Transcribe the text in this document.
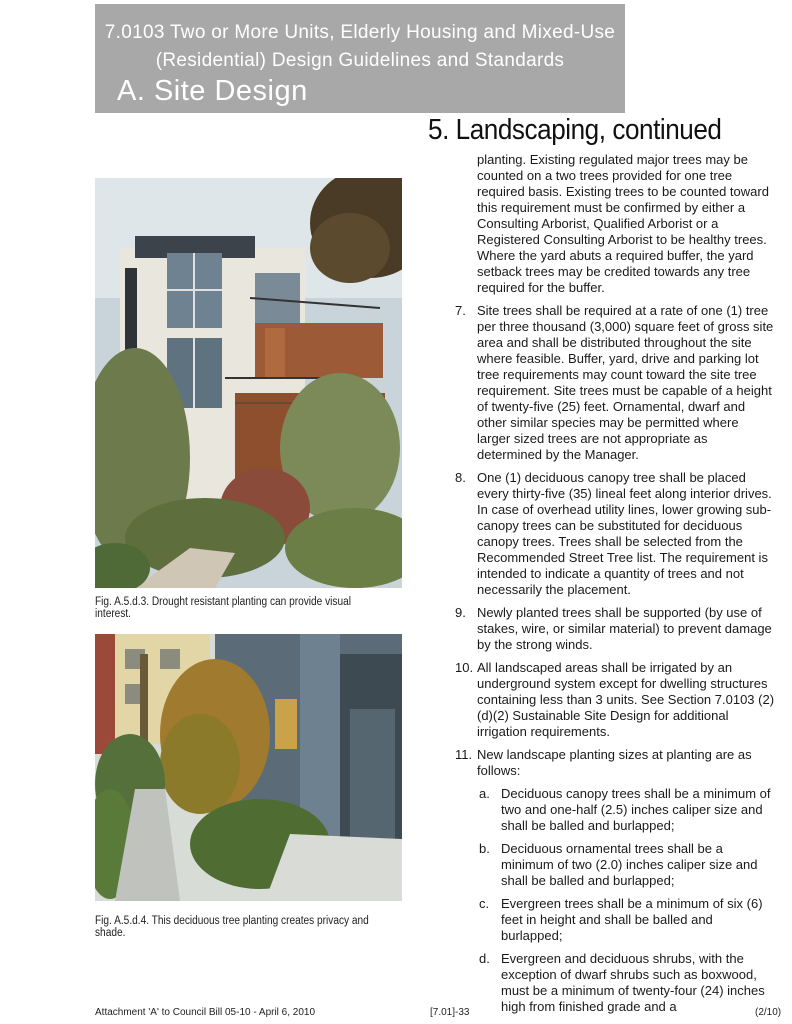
7.0103 Two or More Units, Elderly Housing and Mixed-Use
(Residential) Design Guidelines and Standards
A. Site Design
5. Landscaping, continued
Fig. A.5.d.3. Drought resistant planting can provide visual interest.
Fig. A.5.d.4. This deciduous tree planting creates privacy and shade.

planting. Existing regulated major trees may be counted on a two trees provided for one tree required basis. Existing trees to be counted toward this requirement must be confirmed by either a Consulting Arborist, Qualified Arborist or a Registered Consulting Arborist to be healthy trees. Where the yard abuts a required buffer, the yard setback trees may be credited towards any tree required for the buffer.

7. Site trees shall be required at a rate of one (1) tree per three thousand (3,000) square feet of gross site area and shall be distributed throughout the site where feasible. Buffer, yard, drive and parking lot tree requirements may count toward the site tree requirement. Site trees must be capable of a height of twenty-five (25) feet. Ornamental, dwarf and other similar species may be permitted where larger sized trees are not appropriate as determined by the Manager.
8. One (1) deciduous canopy tree shall be placed every thirty-five (35) lineal feet along interior drives. In case of overhead utility lines, lower growing sub-canopy trees can be substituted for deciduous canopy trees. Trees shall be selected from the Recommended Street Tree list. The requirement is intended to indicate a quantity of trees and not necessarily the placement.
9. Newly planted trees shall be supported (by use of stakes, wire, or similar material) to prevent damage by the strong winds.
10. All landscaped areas shall be irrigated by an underground system except for dwelling structures containing less than 3 units. See Section 7.0103 (2)(d)(2) Sustainable Site Design for additional irrigation requirements.
11. New landscape planting sizes at planting are as follows:
a. Deciduous canopy trees shall be a minimum of two and one-half (2.5) inches caliper size and shall be balled and burlapped;
b. Deciduous ornamental trees shall be a minimum of two (2.0) inches caliper size and shall be balled and burlapped;
c. Evergreen trees shall be a minimum of six (6) feet in height and shall be balled and burlapped;
d. Evergreen and deciduous shrubs, with the exception of dwarf shrubs such as boxwood, must be a minimum of twenty-four (24) inches high from finished grade and a
Attachment 'A' to Council Bill 05-10 - April 6, 2010	[7.01]-33	(2/10)
